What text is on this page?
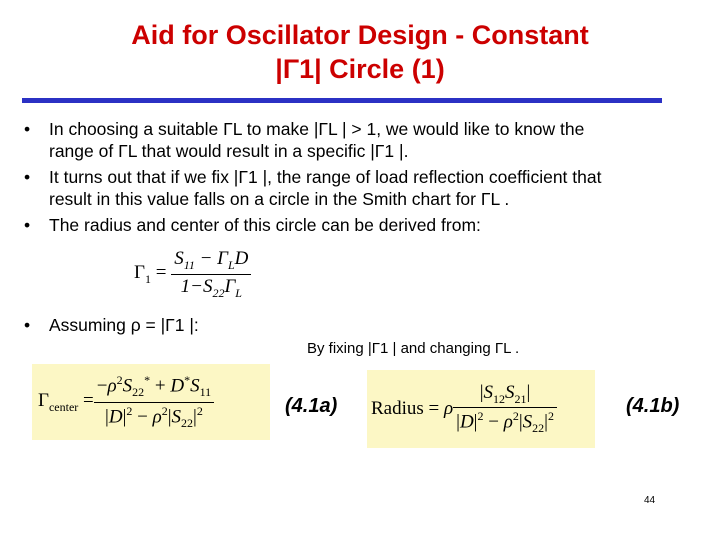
Aid for Oscillator Design - Constant
|Γ1| Circle (1)
• In choosing a suitable ΓL to make |ΓL | > 1, we would like to know the
range of ΓL that would result in a specific |Γ1 |.
• It turns out that if we fix |Γ1 |, the range of load reflection coefficient that
result in this value falls on a circle in the Smith chart for ΓL .
• The radius and center of this circle can be derived from:
• Assuming ρ = |Γ1 |:
$\Gamma_1 = \frac{S_{11} - \Gamma_LD}{1-S_{22}\Gamma_L}$
By fixing |Γ1 | and changing ΓL .
$\Gamma_{center} = \frac{-\rho^2S_{22}^* + D^*S_{11}}{|D|^2 - \rho^2|S_{22}|^2}$	(4.1a) Radius = ρ $\frac{|S_{12}S_{21}|}{|D|^2 - \rho^2|S_{22}|^2}$	(4.1b)
44
